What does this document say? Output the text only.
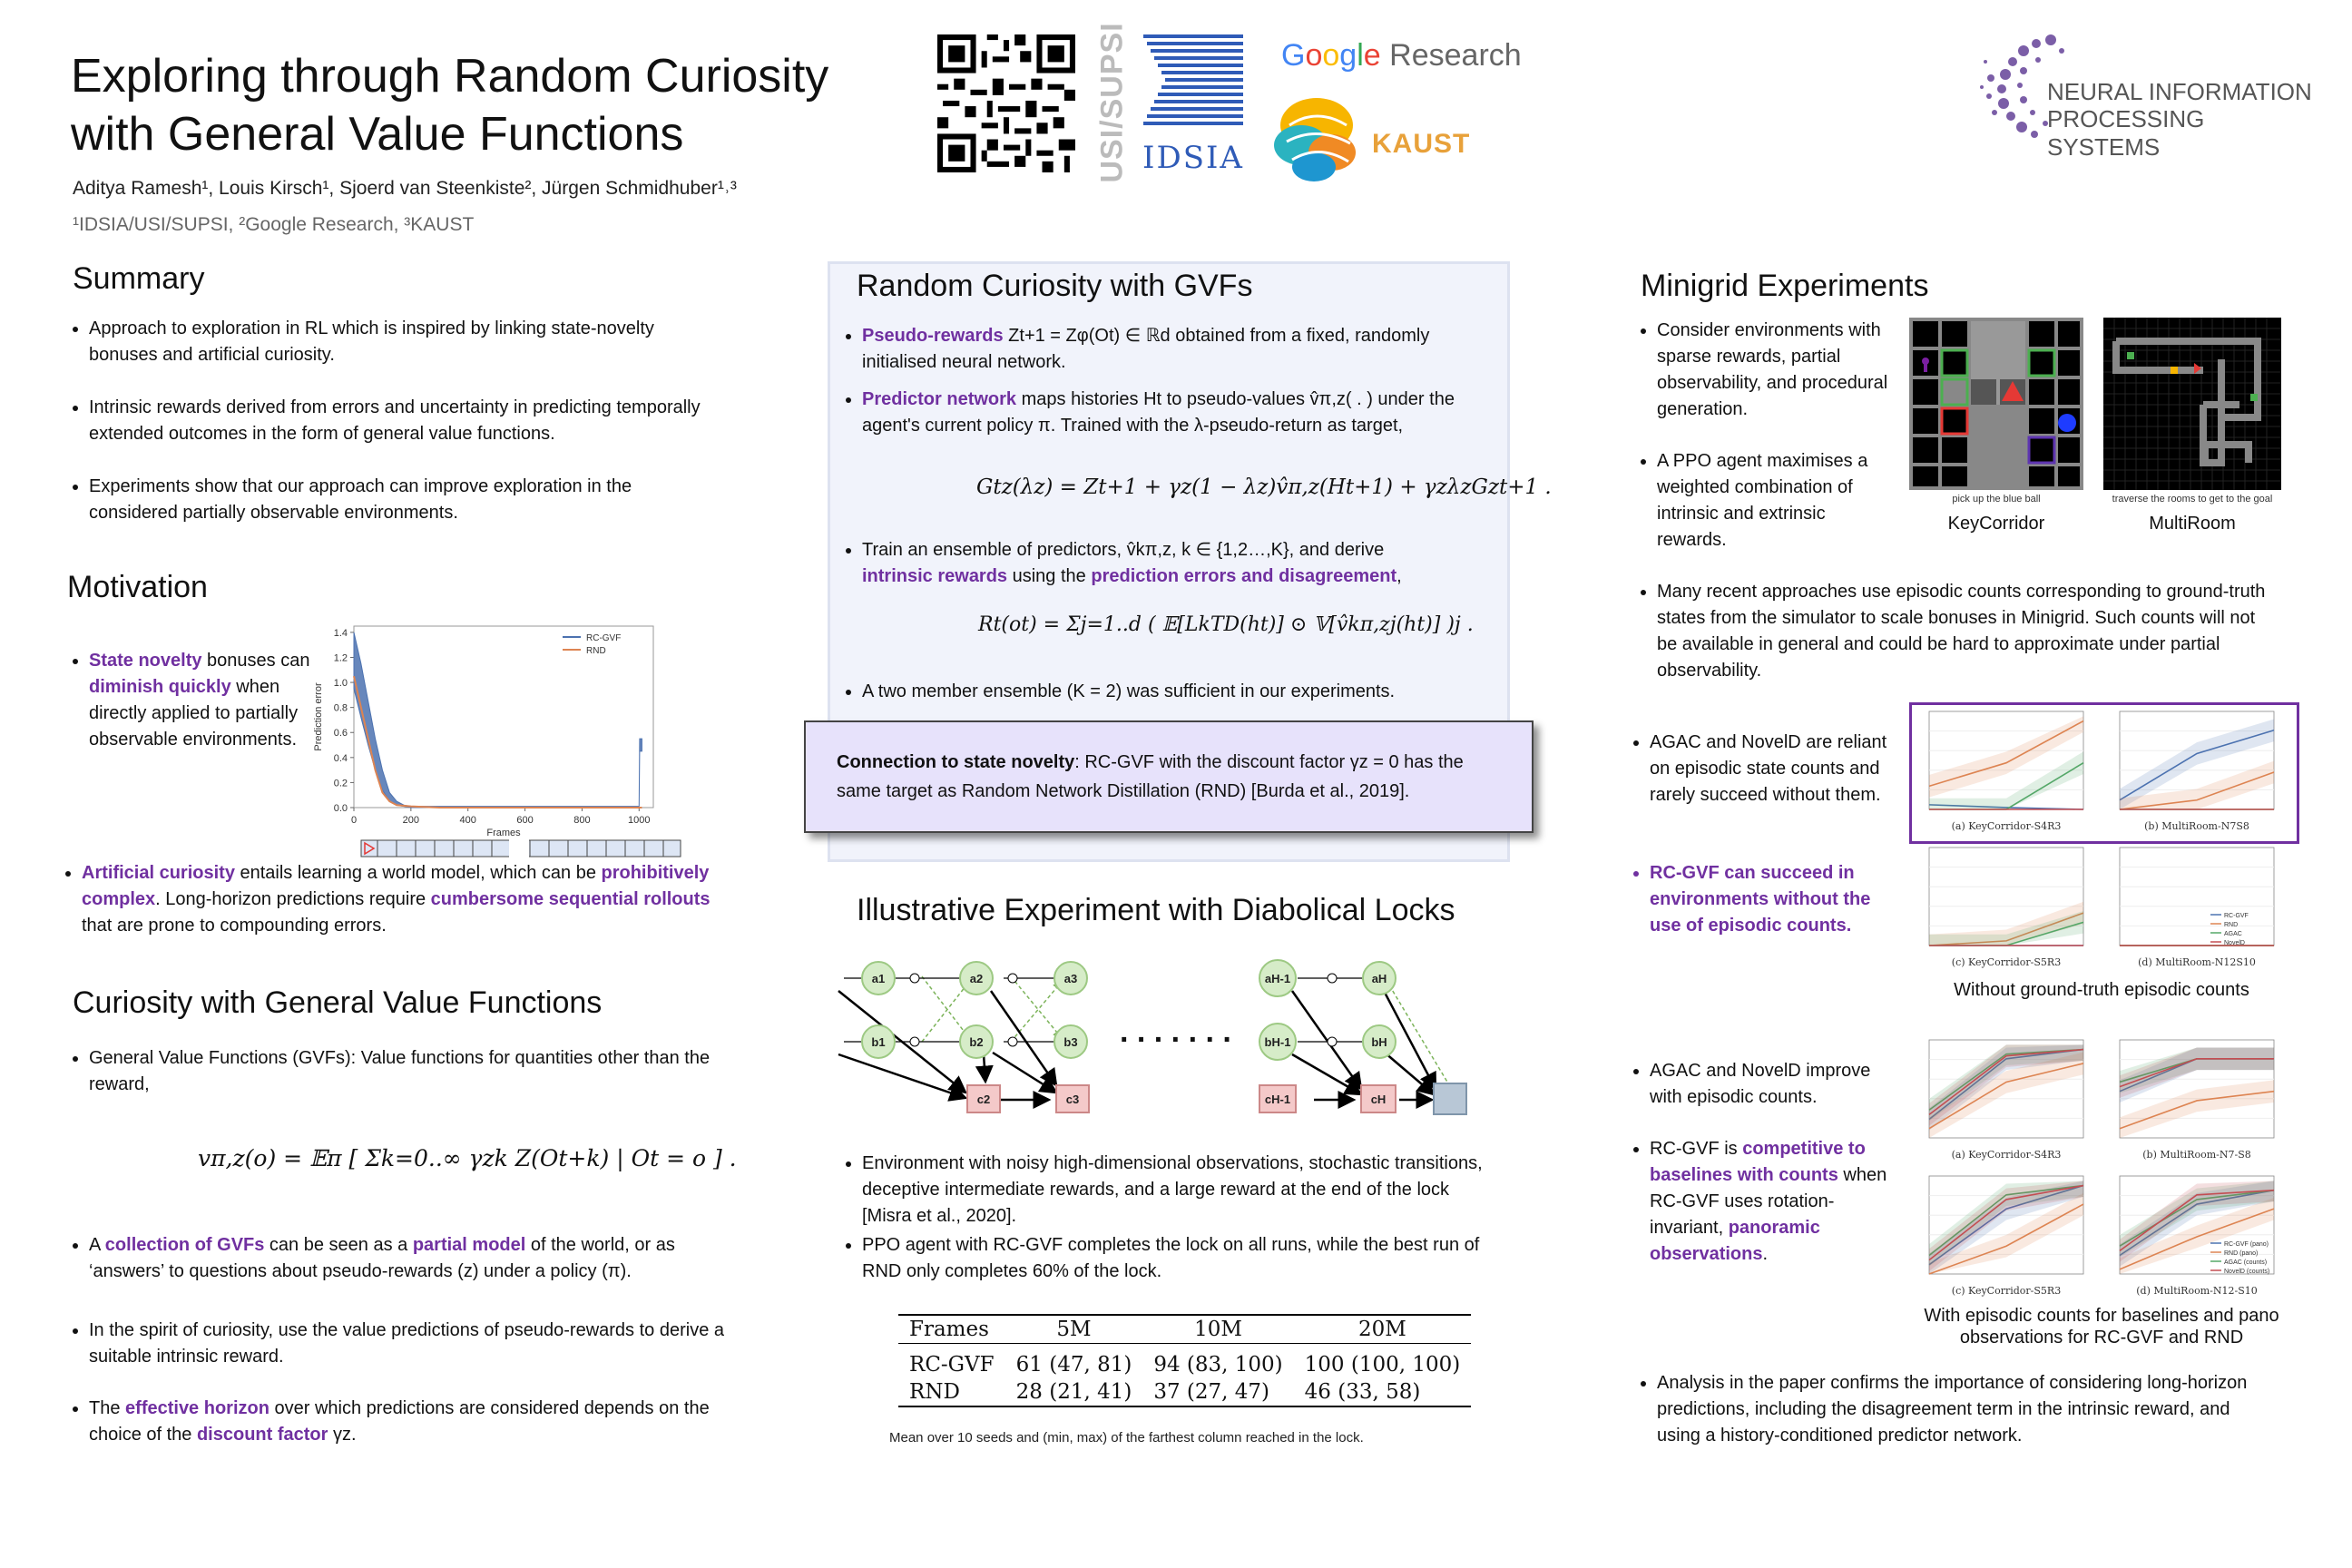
Exploring through Random Curiosity
with General Value Functions
Aditya Ramesh¹, Louis Kirsch¹, Sjoerd van Steenkiste², Jürgen Schmidhuber¹˒³
¹IDSIA/USI/SUPSI, ²Google Research, ³KAUST
USI/SUPSI IDSIA
Google Research
KAUST
NEURAL INFORMATION
PROCESSING SYSTEMS
Summary
• Approach to exploration in RL which is inspired by linking state-novelty bonuses and artificial curiosity.
• Intrinsic rewards derived from errors and uncertainty in predicting temporally extended outcomes in the form of general value functions.
• Experiments show that our approach can improve exploration in the considered partially observable environments.
Motivation
• State novelty bonuses can diminish quickly when directly applied to partially observable environments.
0.0
0.2
0.4
0.6
0.8
1.0
1.2
1.4
0	200	400	600	800	1000
Frames
Prediction error
RC-GVF
RND
• Artificial curiosity entails learning a world model, which can be prohibitively complex. Long-horizon predictions require cumbersome sequential rollouts that are prone to compounding errors.
Curiosity with General Value Functions
• General Value Functions (GVFs): Value functions for quantities other than the reward,
vπ,z(o) = 𝔼π [ Σk=0..∞ γzk Z(Ot+k) | Ot = o ] .
• A collection of GVFs can be seen as a partial model of the world, or as ‘answers’ to questions about pseudo-rewards (z) under a policy (π).
• In the spirit of curiosity, use the value predictions of pseudo-rewards to derive a suitable intrinsic reward.
• The effective horizon over which predictions are considered depends on the choice of the discount factor γz.
Random Curiosity with GVFs
• Pseudo-rewards Zt+1 = Zφ(Ot) ∈ ℝd obtained from a fixed, randomly initialised neural network.
• Predictor network maps histories Ht to pseudo-values v̂π,z( . ) under the agent's current policy π. Trained with the λ-pseudo-return as target,
Gtz(λz) = Zt+1 + γz(1 − λz)v̂π,z(Ht+1) + γzλzGzt+1 .
• Train an ensemble of predictors, v̂kπ,z, k ∈ {1,2…,K}, and derive
intrinsic rewards using the prediction errors and disagreement,
Rt(ot) = Σj=1..d ( 𝔼[LkTD(ht)] ⊙ 𝕍[v̂kπ,zj(ht)] )j .
• A two member ensemble (K = 2) was sufficient in our experiments.
Connection to state novelty: RC-GVF with the discount factor γz = 0 has the same target as Random Network Distillation (RND) [Burda et al., 2019].
Illustrative Experiment with Diabolical Locks
a1	a2	a3	aH-1	aH
b1	b2	b3	bH-1	bH
c2	c3	cH-1	cH
. . . . . . .
• Environment with noisy high-dimensional observations, stochastic transitions, deceptive intermediate rewards, and a large reward at the end of the lock [Misra et al., 2020].
• PPO agent with RC-GVF completes the lock on all runs, while the best run of RND only completes 60% of the lock.
Frames	5M	10M	20M
RC-GVF	61 (47, 81)	94 (83, 100)	100 (100, 100)
RND	28 (21, 41)	37 (27, 47)	46 (33, 58)
Mean over 10 seeds and (min, max) of the farthest column reached in the lock.
Minigrid Experiments
• Consider environments with sparse rewards, partial observability, and procedural generation.
• A PPO agent maximises a weighted combination of intrinsic and extrinsic rewards.
pick up the blue ball
KeyCorridor
traverse the rooms to get to the goal
MultiRoom
• Many recent approaches use episodic counts corresponding to ground-truth states from the simulator to scale bonuses in Minigrid. Such counts will not be available in general and could be hard to approximate under partial observability.
(a) KeyCorridor-S4R3	(b) MultiRoom-N7S8
(c) KeyCorridor-S5R3	(d) MultiRoom-N12S10
RC-GVF
RND
AGAC
NovelD
Without ground-truth episodic counts
• AGAC and NovelD are reliant on episodic state counts and rarely succeed without them.
• RC-GVF can succeed in environments without the use of episodic counts.
(a) KeyCorridor-S4R3	(b) MultiRoom-N7-S8
(c) KeyCorridor-S5R3	(d) MultiRoom-N12-S10
RC-GVF (pano)
RND (pano)
AGAC (counts)
NovelD (counts)
With episodic counts for baselines and pano observations for RC-GVF and RND
• AGAC and NovelD improve with episodic counts.
• RC-GVF is competitive to baselines with counts when RC-GVF uses rotation-invariant, panoramic observations.
• Analysis in the paper confirms the importance of considering long-horizon predictions, including the disagreement term in the intrinsic reward, and using a history-conditioned predictor network.
